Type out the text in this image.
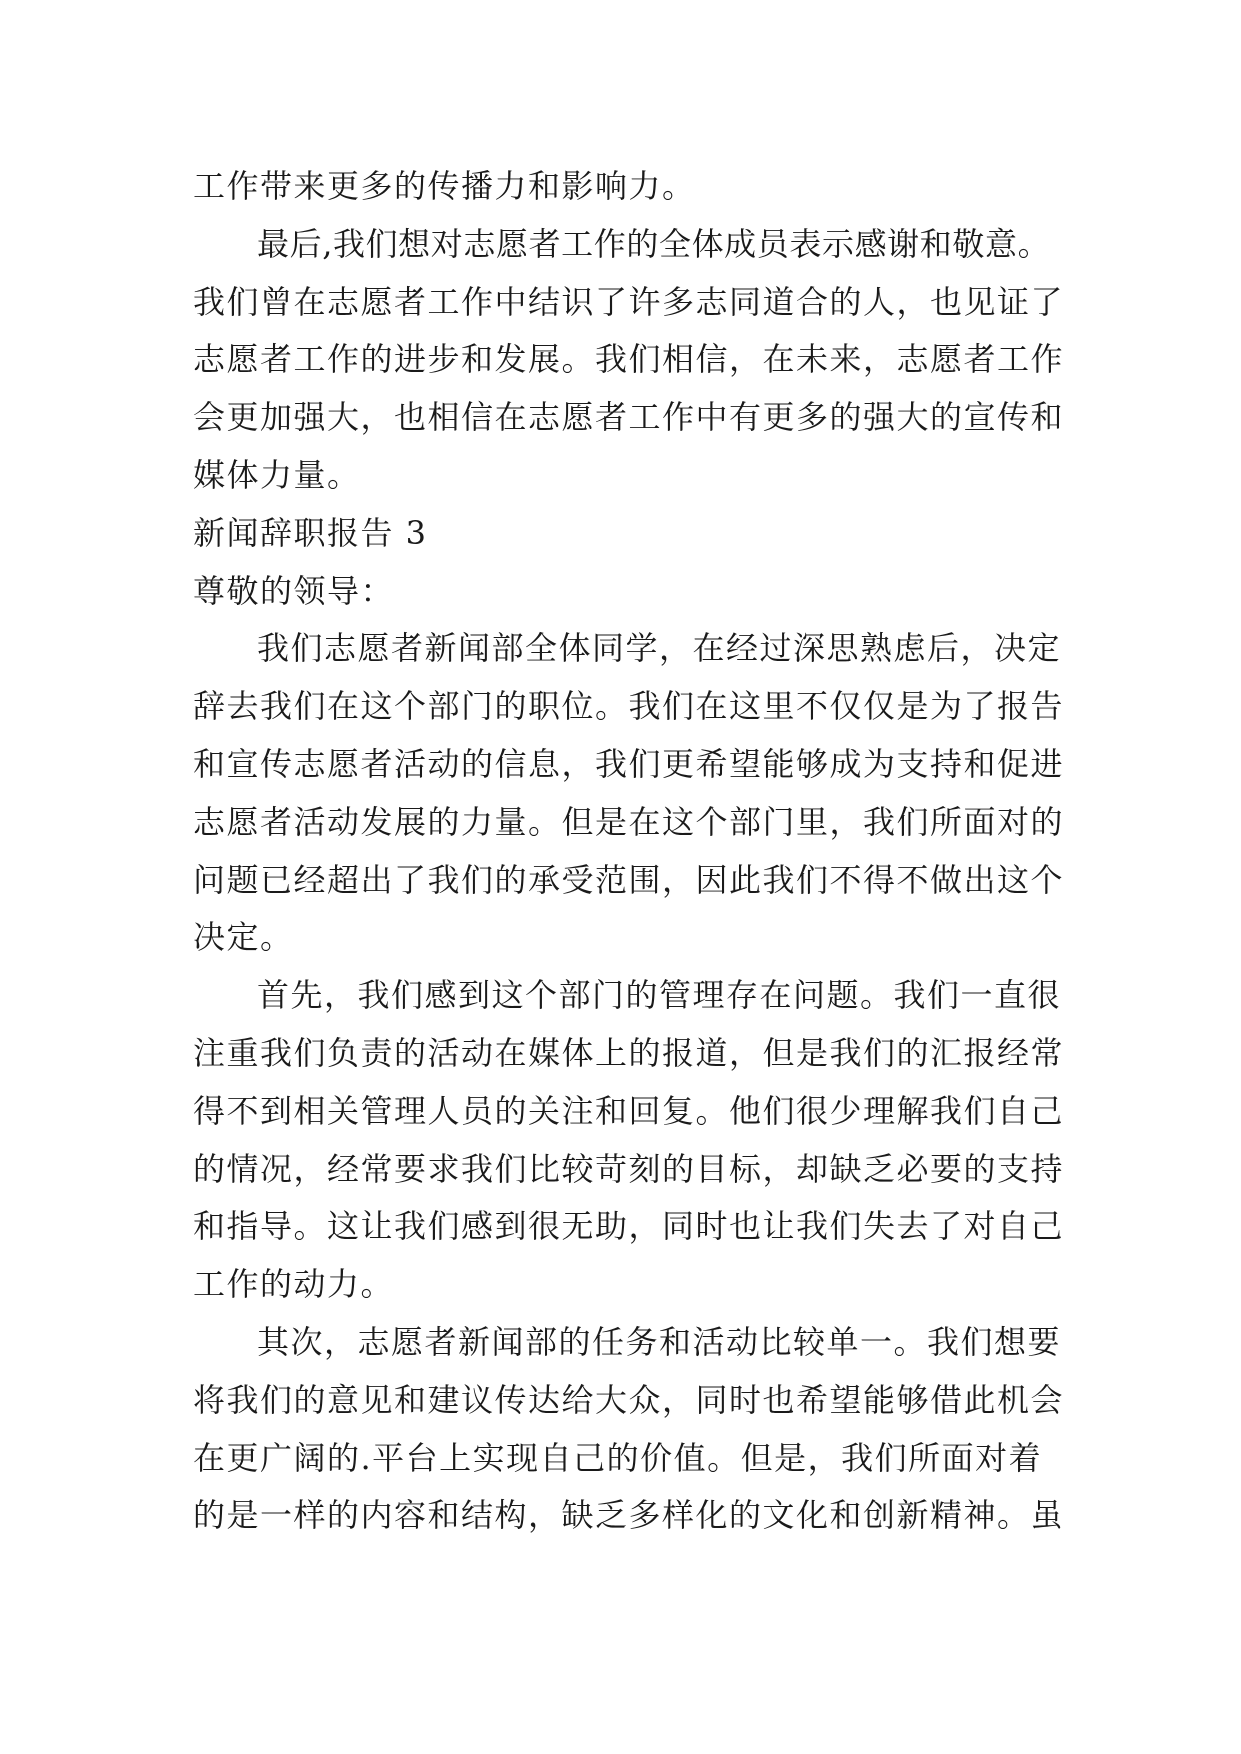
工作带来更多的传播力和影响力。
最后,我们想对志愿者工作的全体成员表示感谢和敬意。
我们曾在志愿者工作中结识了许多志同道合的人，也见证了
志愿者工作的进步和发展。我们相信，在未来，志愿者工作
会更加强大，也相信在志愿者工作中有更多的强大的宣传和
媒体力量。
新闻辞职报告 3
尊敬的领导：
我们志愿者新闻部全体同学，在经过深思熟虑后，决定
辞去我们在这个部门的职位。我们在这里不仅仅是为了报告
和宣传志愿者活动的信息，我们更希望能够成为支持和促进
志愿者活动发展的力量。但是在这个部门里，我们所面对的
问题已经超出了我们的承受范围，因此我们不得不做出这个
决定。
首先，我们感到这个部门的管理存在问题。我们一直很
注重我们负责的活动在媒体上的报道，但是我们的汇报经常
得不到相关管理人员的关注和回复。他们很少理解我们自己
的情况，经常要求我们比较苛刻的目标，却缺乏必要的支持
和指导。这让我们感到很无助，同时也让我们失去了对自己
工作的动力。
其次，志愿者新闻部的任务和活动比较单一。我们想要
将我们的意见和建议传达给大众，同时也希望能够借此机会
在更广阔的.平台上实现自己的价值。但是，我们所面对着
的是一样的内容和结构，缺乏多样化的文化和创新精神。虽
